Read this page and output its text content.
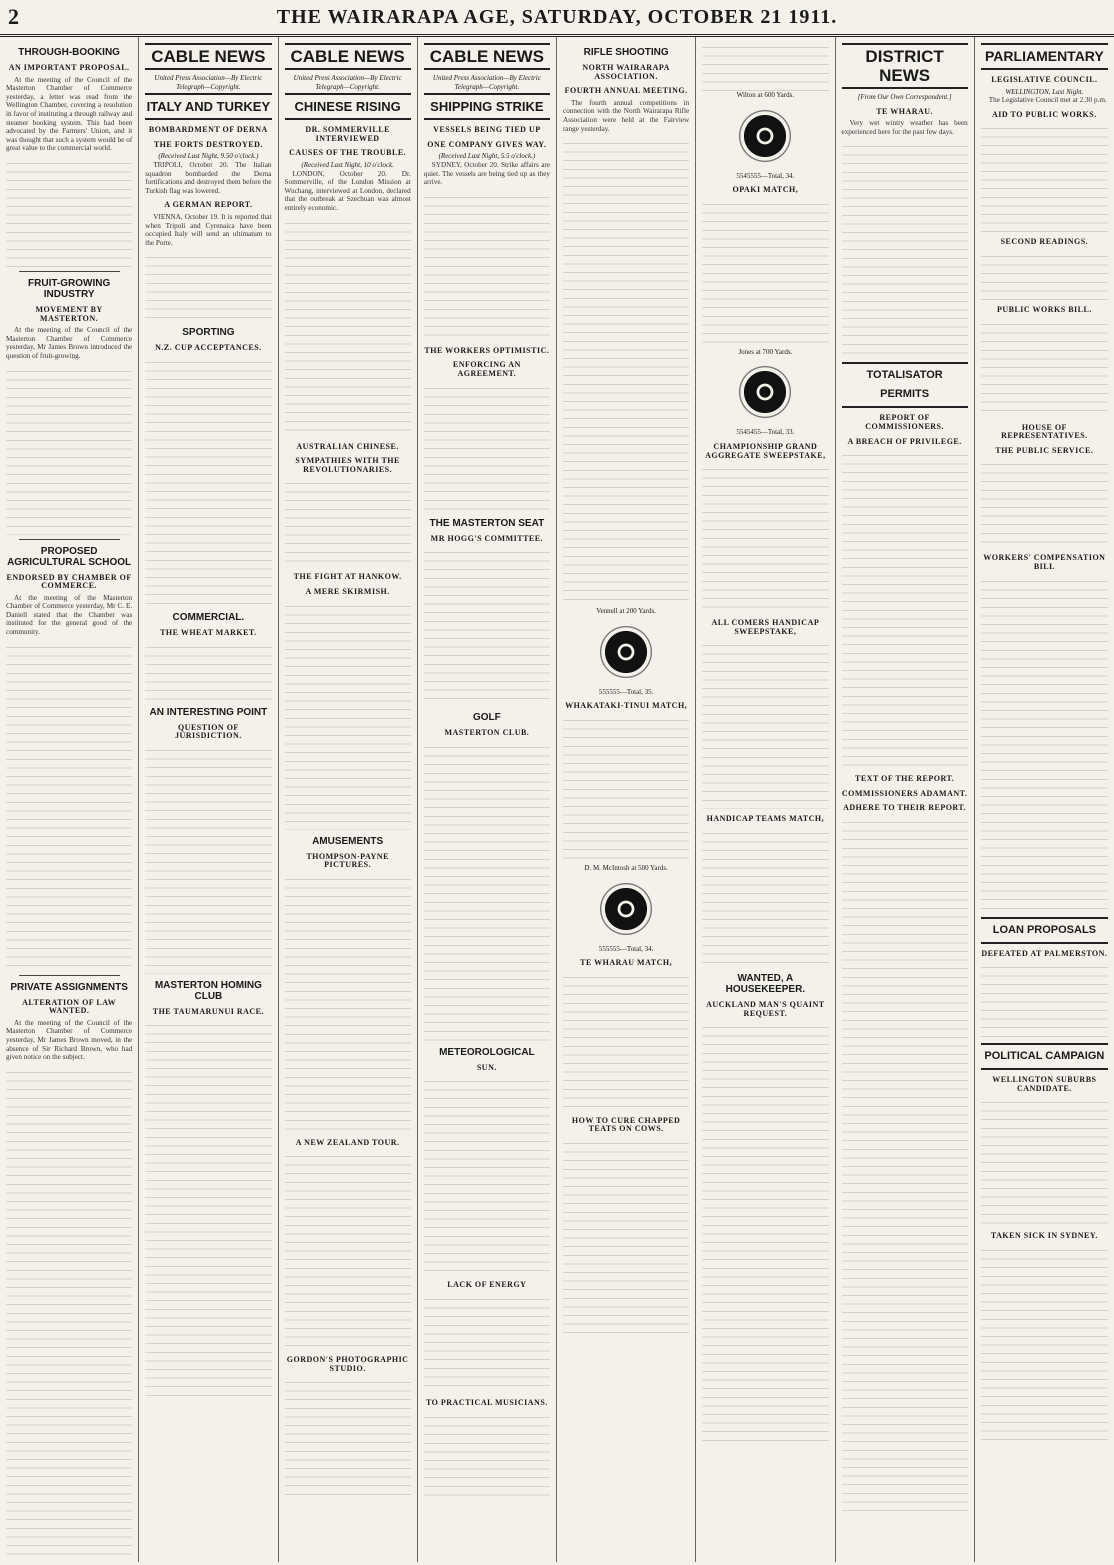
2	THE WAIRARAPA AGE, SATURDAY, OCTOBER 21 1911.
THROUGH-BOOKING
AN IMPORTANT PROPOSAL.

At the meeting of the Council of the Masterton Chamber of Commerce yesterday, a letter was read from the Wellington Chamber, covering a resolution in favor of instituting a through railway and steamer booking system. This had been advocated by the Farmers' Union, and it was thought that such a system would be of great value to the commercial world.

FRUIT-GROWING INDUSTRY
MOVEMENT BY MASTERTON.

At the meeting of the Council of the Masterton Chamber of Commerce yesterday, Mr James Brown introduced the question of fruit-growing.

PROPOSED AGRICULTURAL SCHOOL
ENDORSED BY CHAMBER OF COMMERCE.

At the meeting of the Masterton Chamber of Commerce yesterday, Mr C. E. Daniell stated that the Chamber was instituted for the general good of the community.

PRIVATE ASSIGNMENTS
ALTERATION OF LAW WANTED.

At the meeting of the Council of the Masterton Chamber of Commerce yesterday, Mr James Brown moved, in the absence of Sir Richard Brown, who had given notice on the subject.

CABLE NEWS
United Press Association—By Electric Telegraph—Copyright.
ITALY AND TURKEY
BOMBARDMENT OF DERNA
THE FORTS DESTROYED.
(Received Last Night, 9.50 o'clock.)

TRIPOLI, October 20. The Italian squadron bombarded the Derna fortifications and destroyed them before the Turkish flag was lowered.

A GERMAN REPORT.

VIENNA, October 19. It is reported that when Tripoli and Cyrenaica have been occupied Italy will send an ultimatum to the Porte.

SPORTING
N.Z. CUP ACCEPTANCES.
COMMERCIAL.
THE WHEAT MARKET.
AN INTERESTING POINT
QUESTION OF JURISDICTION.
MASTERTON HOMING CLUB
THE TAUMARUNUI RACE.
CABLE NEWS
United Press Association—By Electric Telegraph—Copyright.
CHINESE RISING
DR. SOMMERVILLE INTERVIEWED
CAUSES OF THE TROUBLE.
(Received Last Night, 10 o'clock.

LONDON, October 20. Dr. Sommerville, of the London Mission at Wuchang, interviewed at London, declared that the outbreak at Szechuan was almost entirely economic.

AUSTRALIAN CHINESE.
SYMPATHIES WITH THE REVOLUTIONARIES.
THE FIGHT AT HANKOW.
A MERE SKIRMISH.
AMUSEMENTS
THOMPSON-PAYNE PICTURES.
A NEW ZEALAND TOUR.
GORDON'S PHOTOGRAPHIC STUDIO.
CABLE NEWS
United Press Association—By Electric Telegraph—Copyright.
SHIPPING STRIKE
VESSELS BEING TIED UP
ONE COMPANY GIVES WAY.
(Received Last Night, 5.5 o'clock.)

SYDNEY, October 20. Strike affairs are quiet. The vessels are being tied up as they arrive.

THE WORKERS OPTIMISTIC.
ENFORCING AN AGREEMENT.
THE MASTERTON SEAT
MR HOGG'S COMMITTEE.
GOLF
MASTERTON CLUB.
METEOROLOGICAL
SUN.
LACK OF ENERGY
TO PRACTICAL MUSICIANS.
RIFLE SHOOTING
NORTH WAIRARAPA ASSOCIATION.
FOURTH ANNUAL MEETING.

The fourth annual competitions in connection with the North Wairarapa Rifle Association were held at the Fairview range yesterday.

Vennell at 200 Yards.
555555—Total, 35.
WHAKATAKI-TINUI MATCH,
D. M. McIntosh at 500 Yards.
555555—Total, 34.
TE WHARAU MATCH,
HOW TO CURE CHAPPED TEATS ON COWS.
Wilton at 600 Yards.
5545555—Total, 34.
OPAKI MATCH,
Jones at 700 Yards.
5545455—Total, 33.
CHAMPIONSHIP GRAND AGGREGATE SWEEPSTAKE,
ALL COMERS HANDICAP SWEEPSTAKE,
HANDICAP TEAMS MATCH,
WANTED, A HOUSEKEEPER.
AUCKLAND MAN'S QUAINT REQUEST.
DISTRICT NEWS
[From Our Own Correspondent.]
TE WHARAU.

Very wet wintry weather has been experienced here for the past few days.

TOTALISATOR PERMITS
REPORT OF COMMISSIONERS.
A BREACH OF PRIVILEGE.
TEXT OF THE REPORT.
COMMISSIONERS ADAMANT.
ADHERE TO THEIR REPORT.
PARLIAMENTARY
LEGISLATIVE COUNCIL.
WELLINGTON, Last Night.

The Legislative Council met at 2.30 p.m.

AID TO PUBLIC WORKS.
SECOND READINGS.
PUBLIC WORKS BILL.
HOUSE OF REPRESENTATIVES.
THE PUBLIC SERVICE.
WORKERS' COMPENSATION BILL
LOAN PROPOSALS
DEFEATED AT PALMERSTON.
POLITICAL CAMPAIGN
WELLINGTON SUBURBS CANDIDATE.
TAKEN SICK IN SYDNEY.
